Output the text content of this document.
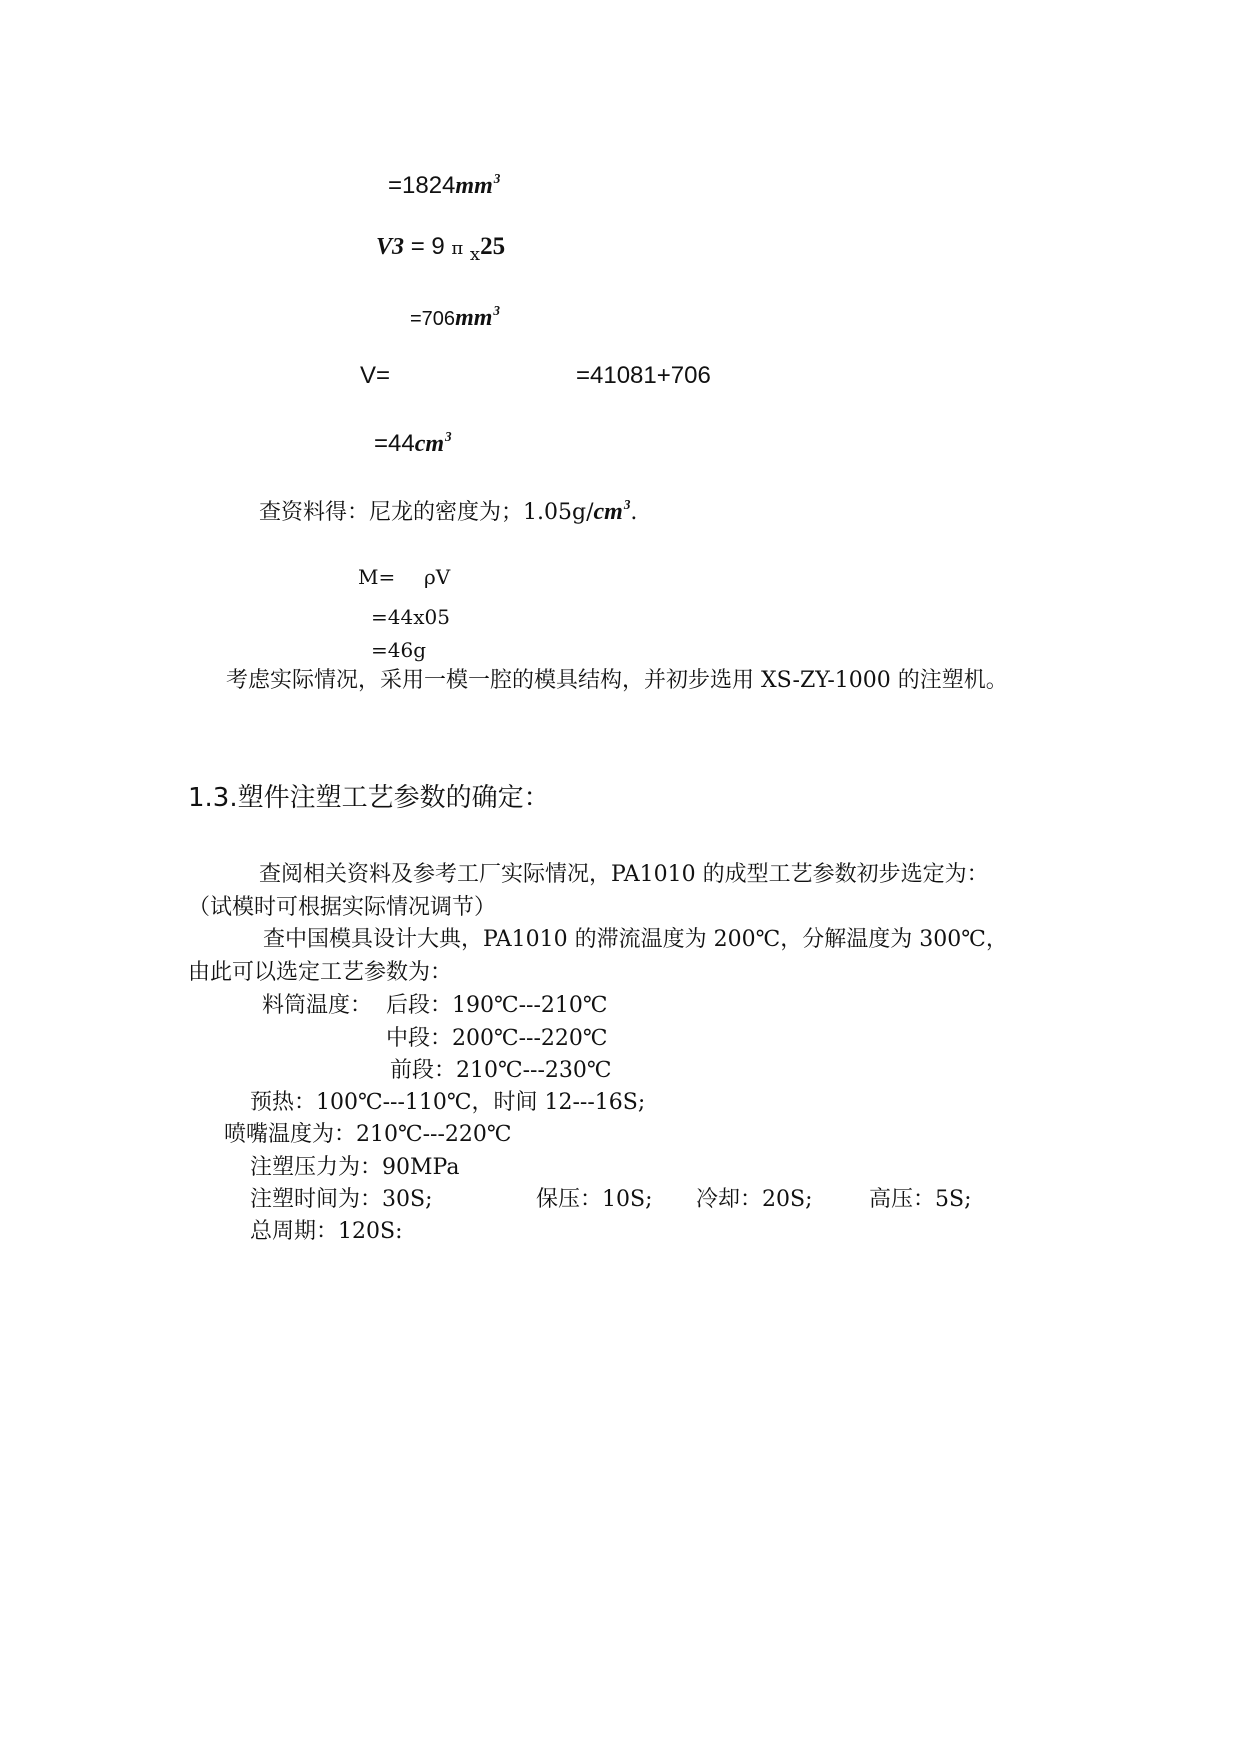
$=1824mm^3$
V3 = 9 π $_x$25
$=706mm^3$
V=	=41081+706
$=44cm^3$
查资料得：尼龙的密度为；$1.05g/cm^3$.
M= ρV
=44x05
=46g
考虑实际情况，采用一模一腔的模具结构，并初步选用 XS-ZY-1000 的注塑机。
1.3.塑件注塑工艺参数的确定：
查阅相关资料及参考工厂实际情况，PA1010 的成型工艺参数初步选定为：
（试模时可根据实际情况调节）
查中国模具设计大典，PA1010 的滞流温度为 200℃，分解温度为 300℃，
由此可以选定工艺参数为：
料筒温度： 后段：190℃---210℃
中段：200℃---220℃
前段：210℃---230℃
预热：100℃---110℃，时间 12---16S;
喷嘴温度为：210℃---220℃
注塑压力为：90MPa
注塑时间为：30S;	保压：10S; 冷却：20S;	高压：5S;
总周期：120S:
